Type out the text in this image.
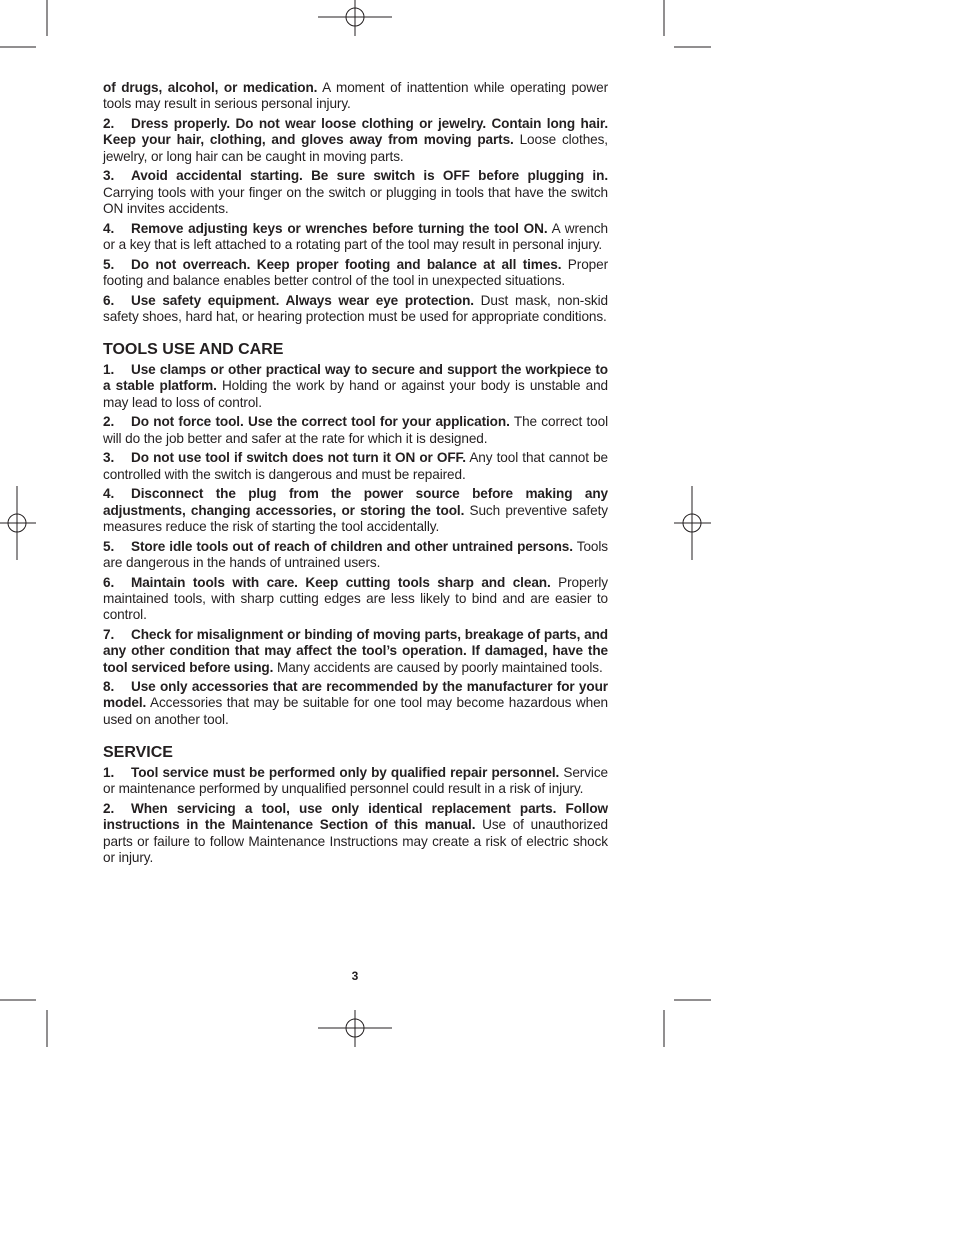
of drugs, alcohol, or medication. A moment of inattention while operating power tools may result in serious personal injury.

2. Dress properly. Do not wear loose clothing or jewelry. Contain long hair. Keep your hair, clothing, and gloves away from moving parts. Loose clothes, jewelry, or long hair can be caught in moving parts.

3. Avoid accidental starting. Be sure switch is OFF before plugging in. Carrying tools with your finger on the switch or plugging in tools that have the switch ON invites accidents.

4. Remove adjusting keys or wrenches before turning the tool ON. A wrench or a key that is left attached to a rotating part of the tool may result in personal injury.

5. Do not overreach. Keep proper footing and balance at all times. Proper footing and balance enables better control of the tool in unexpected situations.

6. Use safety equipment. Always wear eye protection. Dust mask, non-skid safety shoes, hard hat, or hearing protection must be used for appropriate conditions.

TOOLS USE AND CARE

1. Use clamps or other practical way to secure and support the workpiece to a stable platform. Holding the work by hand or against your body is unstable and may lead to loss of control.

2. Do not force tool. Use the correct tool for your application. The correct tool will do the job better and safer at the rate for which it is designed.

3. Do not use tool if switch does not turn it ON or OFF. Any tool that cannot be controlled with the switch is dangerous and must be repaired.

4. Disconnect the plug from the power source before making any adjustments, changing accessories, or storing the tool. Such preventive safety measures reduce the risk of starting the tool accidentally.

5. Store idle tools out of reach of children and other untrained persons. Tools are dangerous in the hands of untrained users.

6. Maintain tools with care. Keep cutting tools sharp and clean. Properly maintained tools, with sharp cutting edges are less likely to bind and are easier to control.

7. Check for misalignment or binding of moving parts, breakage of parts, and any other condition that may affect the tool’s operation. If damaged, have the tool serviced before using. Many accidents are caused by poorly maintained tools.

8. Use only accessories that are recommended by the manufacturer for your model. Accessories that may be suitable for one tool may become hazardous when used on another tool.

SERVICE

1. Tool service must be performed only by qualified repair personnel. Service or maintenance performed by unqualified personnel could result in a risk of injury.

2. When servicing a tool, use only identical replacement parts. Follow instructions in the Maintenance Section of this manual. Use of unauthorized parts or failure to follow Maintenance Instructions may create a risk of electric shock or injury.

3
